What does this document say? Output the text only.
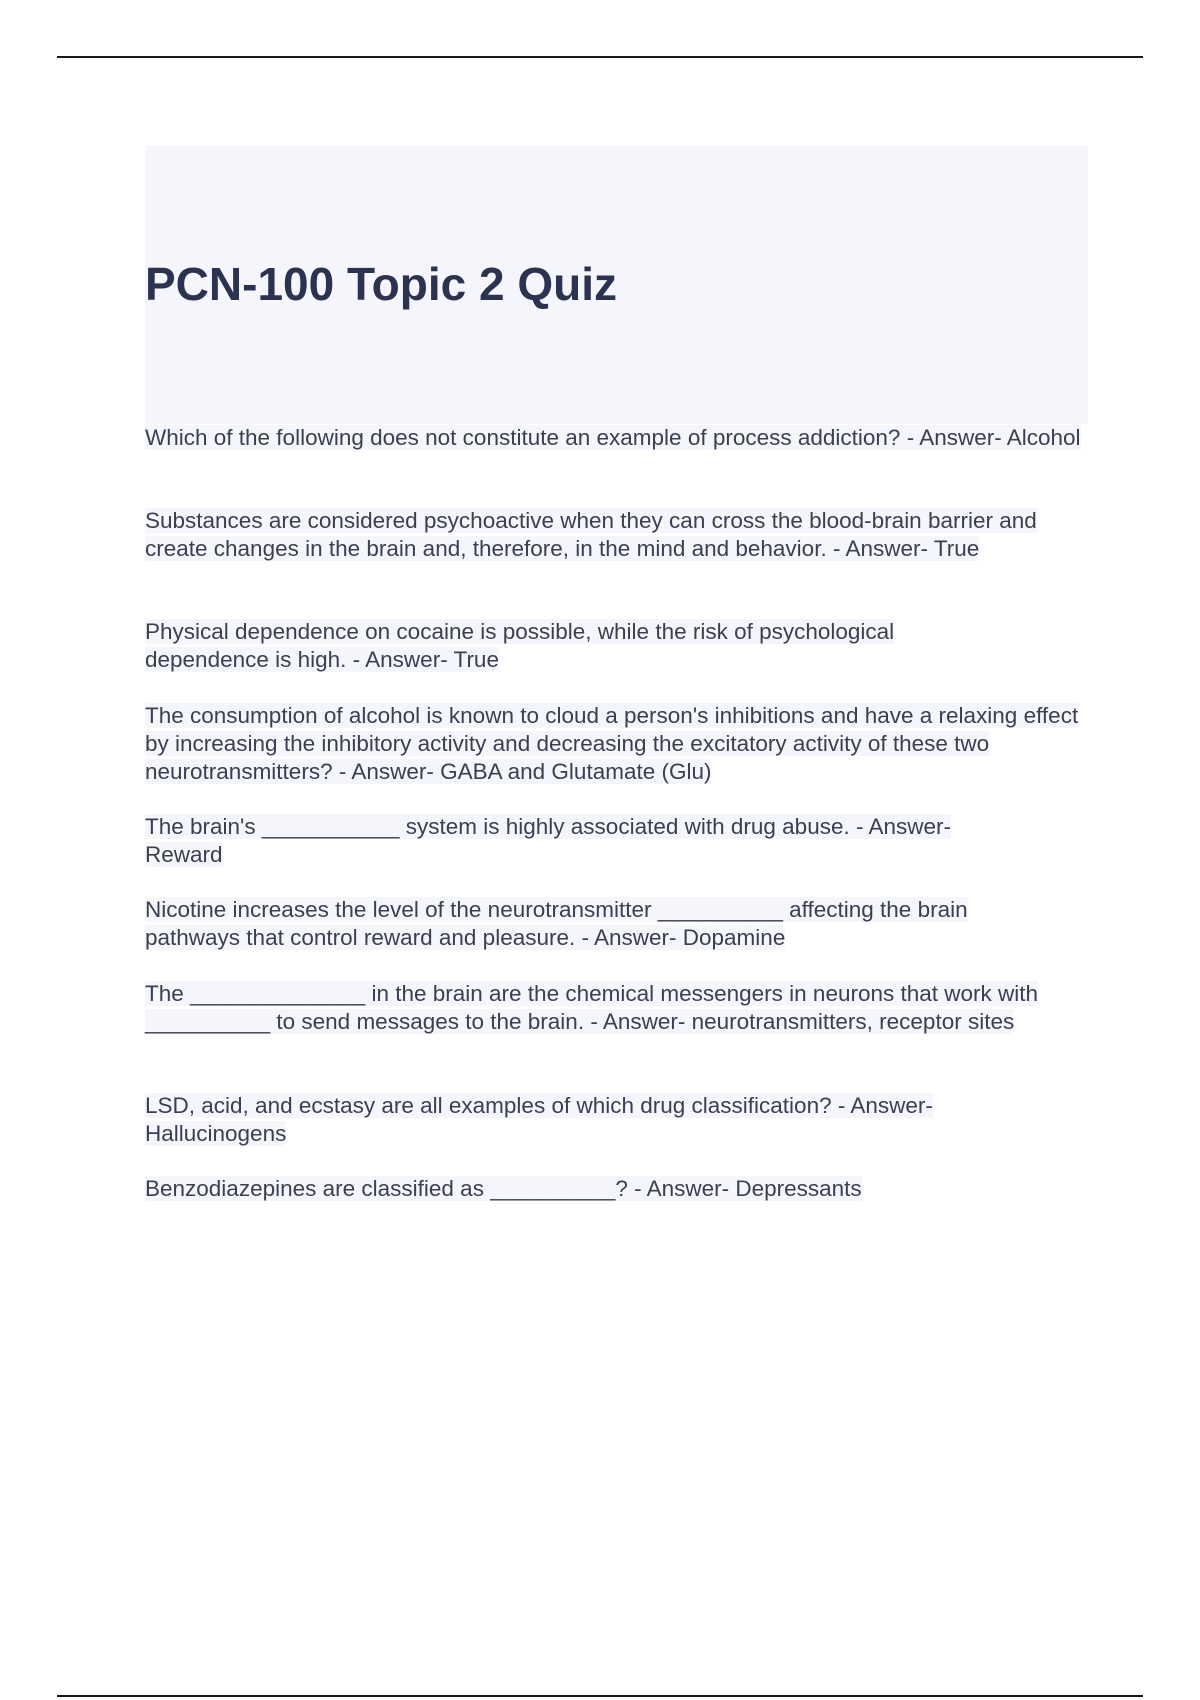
PCN-100 Topic 2 Quiz

Which of the following does not constitute an example of process addiction? - Answer- Alcohol

Substances are considered psychoactive when they can cross the blood-brain barrier and create changes in the brain and, therefore, in the mind and behavior. - Answer- True

Physical dependence on cocaine is possible, while the risk of psychological dependence is high. - Answer- True

The consumption of alcohol is known to cloud a person's inhibitions and have a relaxing effect by increasing the inhibitory activity and decreasing the excitatory activity of these two neurotransmitters? - Answer- GABA and Glutamate (Glu)

The brain's ___________ system is highly associated with drug abuse. - Answer- Reward

Nicotine increases the level of the neurotransmitter __________ affecting the brain pathways that control reward and pleasure. - Answer- Dopamine

The ______________ in the brain are the chemical messengers in neurons that work with __________ to send messages to the brain. - Answer- neurotransmitters, receptor sites

LSD, acid, and ecstasy are all examples of which drug classification? - Answer- Hallucinogens

Benzodiazepines are classified as __________? - Answer- Depressants
